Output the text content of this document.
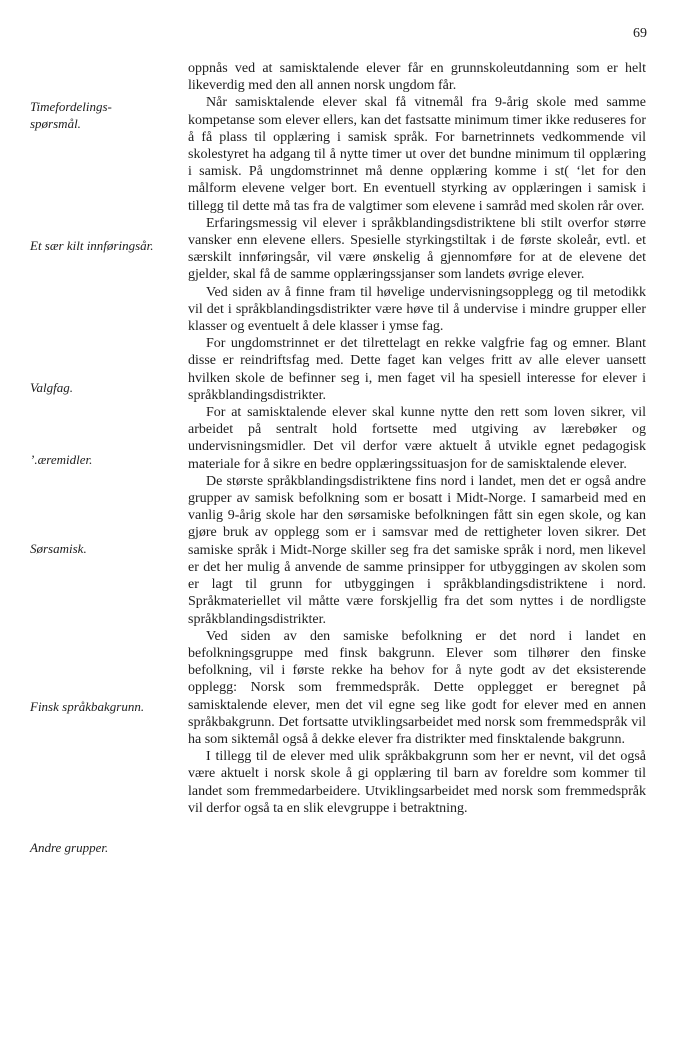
69
Timefordelings-
spørsmål.
Et sær kilt innføringsår.
Valgfag.
’.æremidler.
Sørsamisk.
Finsk språkbakgrunn.
Andre grupper.

oppnås ved at samisktalende elever får en grunnskoleutdanning som er helt likeverdig med den all annen norsk ungdom får.

Når samisktalende elever skal få vitnemål fra 9-årig skole med samme kompetanse som elever ellers, kan det fastsatte minimum timer ikke reduseres for å få plass til opplæring i samisk språk. For barnetrinnets vedkommende vil skolestyret ha adgang til å nytte timer ut over det bundne minimum til opplæring i samisk. På ungdomstrinnet må denne opplæring komme i st( ‘let for den målform elevene velger bort. En eventuell styrking av opplæringen i samisk i tillegg til dette må tas fra de valgtimer som elevene i samråd med skolen rår over.

Erfaringsmessig vil elever i språkblandingsdistriktene bli stilt overfor større vansker enn elevene ellers. Spesielle styrkingstiltak i de første skoleår, evtl. et særskilt innføringsår, vil være ønskelig å gjennomføre for at de elevene det gjelder, skal få de samme opplæringssjanser som landets øvrige elever.

Ved siden av å finne fram til høvelige undervisningsopplegg og til metodikk vil det i språkblandingsdistrikter være høve til å undervise i mindre grupper eller klasser og eventuelt å dele klasser i ymse fag.

For ungdomstrinnet er det tilrettelagt en rekke valgfrie fag og emner. Blant disse er reindriftsfag med. Dette faget kan velges fritt av alle elever uansett hvilken skole de befinner seg i, men faget vil ha spesiell interesse for elever i språkblandingsdistrikter.

For at samisktalende elever skal kunne nytte den rett som loven sikrer, vil arbeidet på sentralt hold fortsette med utgiving av lærebøker og undervisningsmidler. Det vil derfor være aktuelt å utvikle egnet pedagogisk materiale for å sikre en bedre opplæringssituasjon for de samisktalende elever.

De største språkblandingsdistriktene fins nord i landet, men det er også andre grupper av samisk befolkning som er bosatt i Midt-Norge. I samarbeid med en vanlig 9-årig skole har den sørsamiske befolkningen fått sin egen skole, og kan gjøre bruk av opplegg som er i samsvar med de rettigheter loven sikrer. Det samiske språk i Midt-Norge skiller seg fra det samiske språk i nord, men likevel er det her mulig å anvende de samme prinsipper for utbyggingen av skolen som er lagt til grunn for utbyggingen i språkblandingsdistriktene i nord. Språkmateriellet vil måtte være forskjellig fra det som nyttes i de nordligste språkblandingsdistrikter.

Ved siden av den samiske befolkning er det nord i landet en befolkningsgruppe med finsk bakgrunn. Elever som tilhører den finske befolkning, vil i første rekke ha behov for å nyte godt av det eksisterende opplegg: Norsk som fremmedspråk. Dette opplegget er beregnet på samisktalende elever, men det vil egne seg like godt for elever med en annen språkbakgrunn. Det fortsatte utviklingsarbeidet med norsk som fremmedspråk vil ha som siktemål også å dekke elever fra distrikter med finsktalende bakgrunn.

I tillegg til de elever med ulik språkbakgrunn som her er nevnt, vil det også være aktuelt i norsk skole å gi opplæring til barn av foreldre som kommer til landet som fremmedarbeidere. Utviklingsarbeidet med norsk som fremmedspråk vil derfor også ta en slik elevgruppe i betraktning.
